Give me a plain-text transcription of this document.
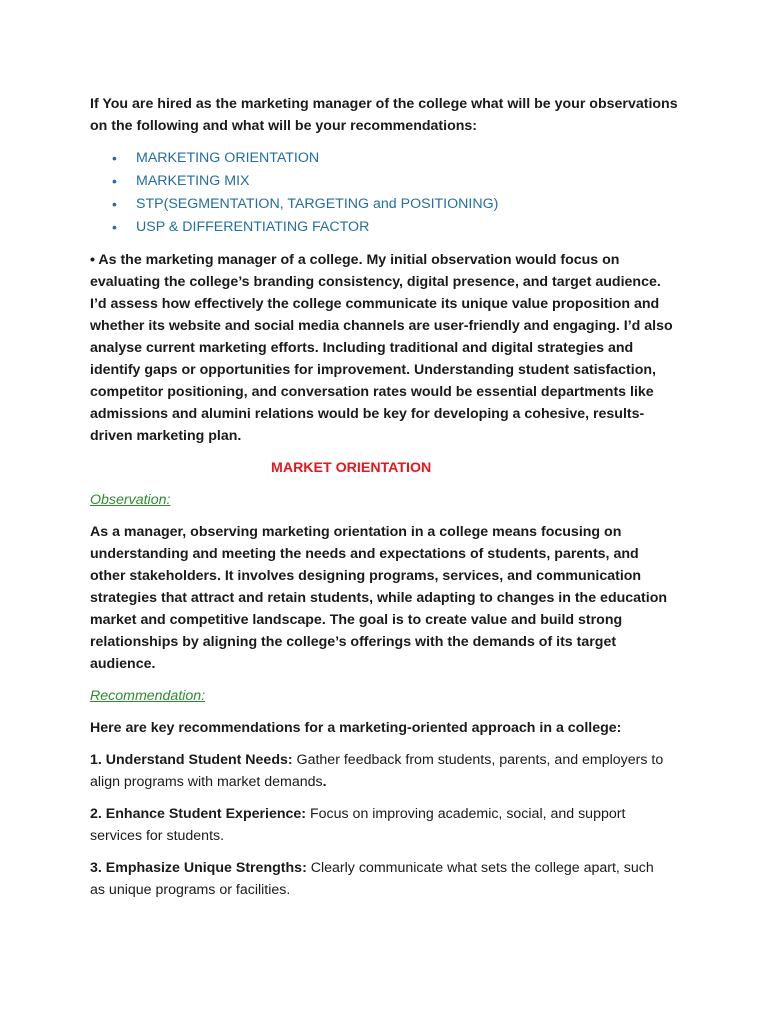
If You are hired as the marketing manager of the college what will be your observations
on the following and what will be your recommendations:

• MARKETING ORIENTATION
• MARKETING MIX
• STP(SEGMENTATION, TARGETING and POSITIONING)
• USP & DIFFERENTIATING FACTOR

• As the marketing manager of a college. My initial observation would focus on
evaluating the college’s branding consistency, digital presence, and target audience.
I’d assess how effectively the college communicate its unique value proposition and
whether its website and social media channels are user-friendly and engaging. I’d also
analyse current marketing efforts. Including traditional and digital strategies and
identify gaps or opportunities for improvement. Understanding student satisfaction,
competitor positioning, and conversation rates would be essential departments like
admissions and alumini relations would be key for developing a cohesive, results-
driven marketing plan.

MARKET ORIENTATION

Observation:

As a manager, observing marketing orientation in a college means focusing on
understanding and meeting the needs and expectations of students, parents, and
other stakeholders. It involves designing programs, services, and communication
strategies that attract and retain students, while adapting to changes in the education
market and competitive landscape. The goal is to create value and build strong
relationships by aligning the college’s offerings with the demands of its target
audience.

Recommendation:

Here are key recommendations for a marketing-oriented approach in a college:

1. Understand Student Needs: Gather feedback from students, parents, and employers to
align programs with market demands.

2. Enhance Student Experience: Focus on improving academic, social, and support
services for students.

3. Emphasize Unique Strengths: Clearly communicate what sets the college apart, such
as unique programs or facilities.
